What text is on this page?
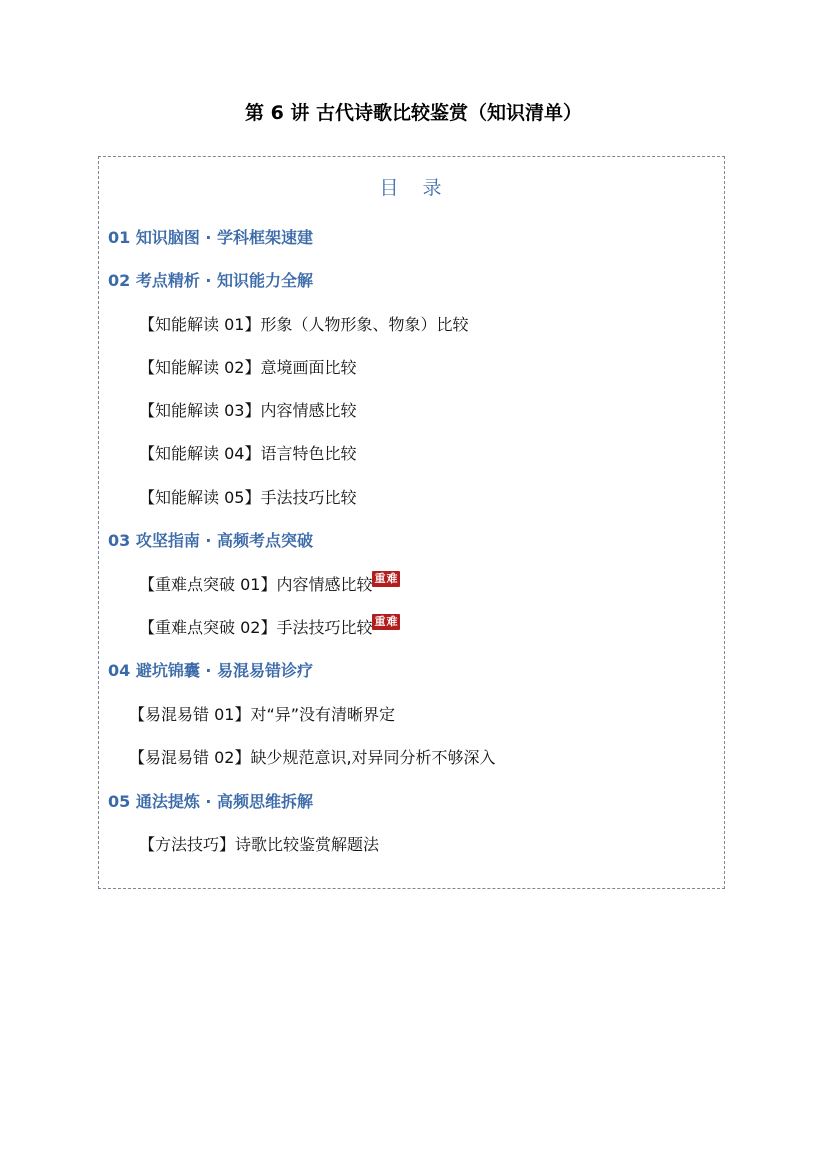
第 6 讲 古代诗歌比较鉴赏（知识清单）
目 录
01 知识脑图 · 学科框架速建
02 考点精析 · 知识能力全解
【知能解读 01】形象（人物形象、物象）比较
【知能解读 02】意境画面比较
【知能解读 03】内容情感比较
【知能解读 04】语言特色比较
【知能解读 05】手法技巧比较
03 攻坚指南 · 高频考点突破
【重难点突破 01】内容情感比较 重难
【重难点突破 02】手法技巧比较 重难
04 避坑锦囊 · 易混易错诊疗
【易混易错 01】对“异”没有清晰界定
【易混易错 02】缺少规范意识,对异同分析不够深入
05 通法提炼 · 高频思维拆解
【方法技巧】诗歌比较鉴赏解题法
